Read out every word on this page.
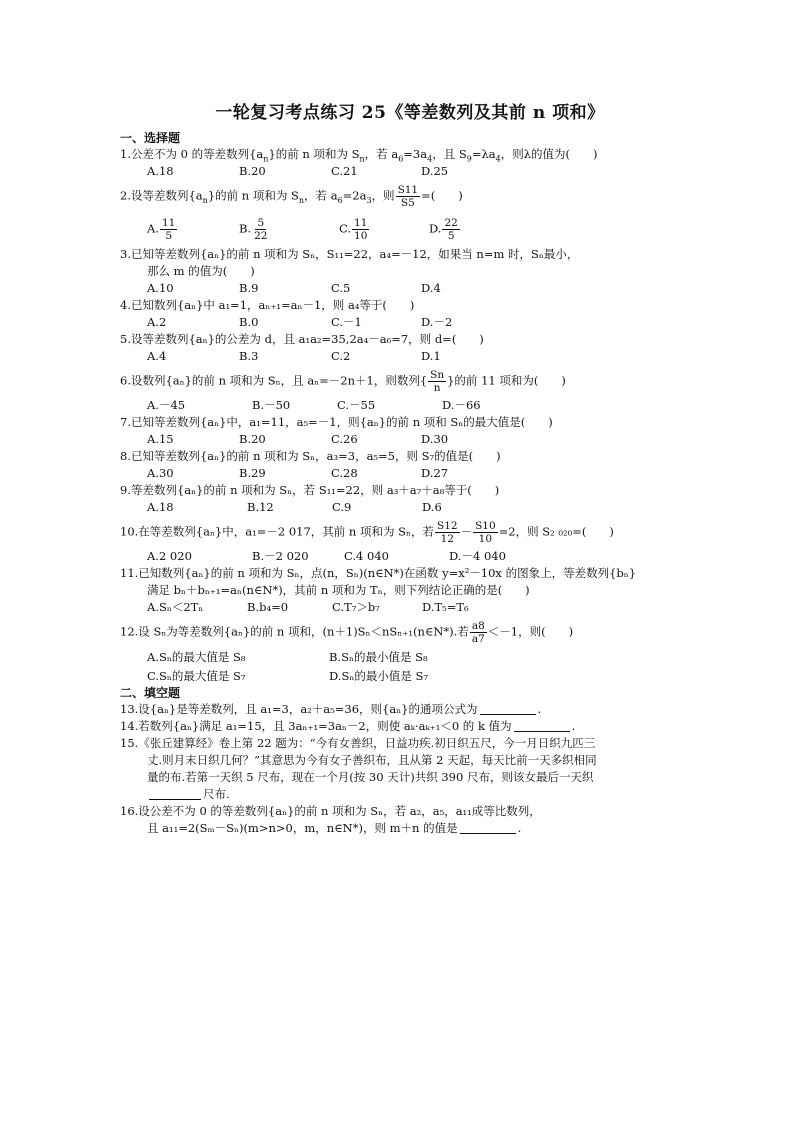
一轮复习考点练习 25《等差数列及其前 n 项和》
一、选择题
1.公差不为 0 的等差数列$\{a_n\}$的前 n 项和为 $S_n$，若 $a_6=3a_4$，且 $S_9=\lambda a_4$，则λ的值为(　　)
A.18	B.20	C.21	D.25
2.设等差数列$\{a_n\}$的前 n 项和为 $S_n$，若 $a_6=2a_3$，则 $\frac{S11}{S5}$ =(　　)
A. $\frac{11}{5}$	B. $\frac{5}{22}$	C. $\frac{11}{10}$	D. $\frac{22}{5}$
3.已知等差数列{aₙ}的前 n 项和为 Sₙ，S₁₁=22，a₄=－12，如果当 n=m 时，Sₙ最小，
那么 m 的值为(　　)
A.10	B.9	C.5	D.4
4.已知数列{aₙ}中 a₁=1，aₙ₊₁=aₙ－1，则 a₄等于(　　)
A.2	B.0	C.－1	D.－2
5.设等差数列{aₙ}的公差为 d，且 a₁a₂=35,2a₄－a₆=7，则 d=(　　)
A.4	B.3	C.2	D.1
6.设数列{aₙ}的前 n 项和为 Sₙ，且 aₙ=－2n＋1，则数列{ $\frac{Sn}{n}$ }的前 11 项和为(　　)
A.－45	B.－50	C.－55	D.－66
7.已知等差数列{aₙ}中，a₁=11，a₅=－1，则{aₙ}的前 n 项和 Sₙ的最大值是(　　)
A.15	B.20	C.26	D.30
8.已知等差数列{aₙ}的前 n 项和为 Sₙ，a₃=3，a₅=5，则 S₇的值是(　　)
A.30	B.29	C.28	D.27
9.等差数列{aₙ}的前 n 项和为 Sₙ，若 S₁₁=22，则 a₃＋a₇＋a₈等于(　　)
A.18	B.12	C.9	D.6
10.在等差数列{aₙ}中，a₁=－2 017，其前 n 项和为 Sₙ，若 $\frac{S12}{12} - \frac{S10}{10} =2$，则 S₂ ₀₂₀=(　　)
A.2 020	B.－2 020	C.4 040	D.－4 040
11.已知数列{aₙ}的前 n 项和为 Sₙ，点(n，Sₙ)(n∈N*)在函数 y=x²－10x 的图象上，等差数列{bₙ}
满足 bₙ＋bₙ₊₁=aₙ(n∈N*)，其前 n 项和为 Tₙ，则下列结论正确的是(　　)
A.Sₙ＜2Tₙ	B.b₄=0	C.T₇＞b₇	D.T₅=T₆
12.设 Sₙ为等差数列{aₙ}的前 n 项和，(n＋1)Sₙ＜nSₙ₊₁(n∈N*).若 $\frac{a8}{a7} <-1$，则(　　)
A.Sₙ的最大值是 S₈	B.Sₙ的最小值是 S₈
C.Sₙ的最大值是 S₇	D.Sₙ的最小值是 S₇
二、填空题
13.设{aₙ}是等差数列，且 a₁=3，a₂＋a₅=36，则{aₙ}的通项公式为	.
14.若数列{aₙ}满足 a₁=15，且 3aₙ₊₁=3aₙ－2，则使 aₖ·aₖ₊₁＜0 的 k 值为	.
15.《张丘建算经》卷上第 22 题为：“今有女善织，日益功疾.初日织五尺，今一月日织九匹三
丈.则月末日织几何？”其意思为今有女子善织布，且从第 2 天起，每天比前一天多织相同
量的布.若第一天织 5 尺布，现在一个月(按 30 天计)共织 390 尺布，则该女最后一天织
尺布.
16.设公差不为 0 的等差数列{aₙ}的前 n 项和为 Sₙ，若 a₂，a₅，a₁₁成等比数列，
且 a₁₁=2(Sₘ－Sₙ)(m>n>0，m，n∈N*)，则 m＋n 的值是	.
